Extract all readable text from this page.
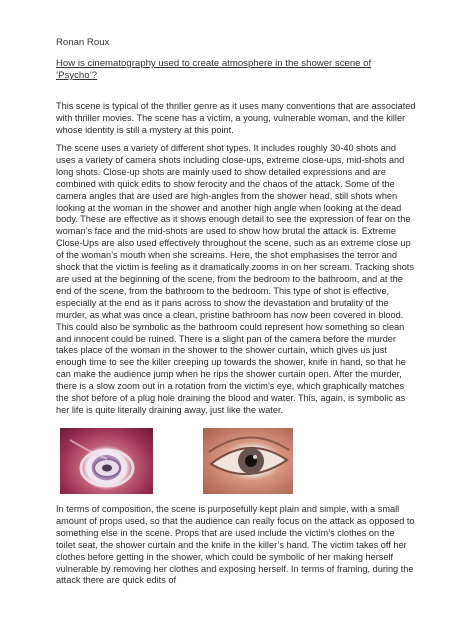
Ronan Roux
How is cinematography used to create atmosphere in the shower scene of ‘Psycho’?

This scene is typical of the thriller genre as it uses many conventions that are associated with thriller movies. The scene has a victim, a young, vulnerable woman, and the killer whose identity is still a mystery at this point.

The scene uses a variety of different shot types. It includes roughly 30-40 shots and uses a variety of camera shots including close-ups, extreme close-ups, mid-shots and long shots. Close-up shots are mainly used to show detailed expressions and are combined with quick edits to show ferocity and the chaos of the attack. Some of the camera angles that are used are high-angles from the shower head, still shots when looking at the woman in the shower and another high angle when looking at the dead body. These are effective as it shows enough detail to see the expression of fear on the woman’s face and the mid-shots are used to show how brutal the attack is. Extreme Close-Ups are also used effectively throughout the scene, such as an extreme close up of the woman’s mouth when she screams. Here, the shot emphasises the terror and shock that the victim is feeling as it dramatically zooms in on her scream. Tracking shots are used at the beginning of the scene, from the bedroom to the bathroom, and at the end of the scene, from the bathroom to the bedroom. This type of shot is effective, especially at the end as it pans across to show the devastation and brutality of the murder, as what was once a clean, pristine bathroom has now been covered in blood. This could also be symbolic as the bathroom could represent how something so clean and innocent could be ruined. There is a slight pan of the camera before the murder takes place of the woman in the shower to the shower curtain, which gives us just enough time to see the killer creeping up towards the shower, knife in hand, so that he can make the audience jump when he rips the shower curtain open. After the murder, there is a slow zoom out in a rotation from the victim’s eye, which graphically matches the shot before of a plug hole draining the blood and water. This, again, is symbolic as her life is quite literally draining away, just like the water.

In terms of composition, the scene is purposefully kept plain and simple, with a small amount of props used, so that the audience can really focus on the attack as opposed to something else in the scene. Props that are used include the victim’s clothes on the toilet seat, the shower curtain and the knife in the killer’s hand. The victim takes off her clothes before getting in the shower, which could be symbolic of her making herself vulnerable by removing her clothes and exposing herself. In terms of framing, during the attack there are quick edits of
